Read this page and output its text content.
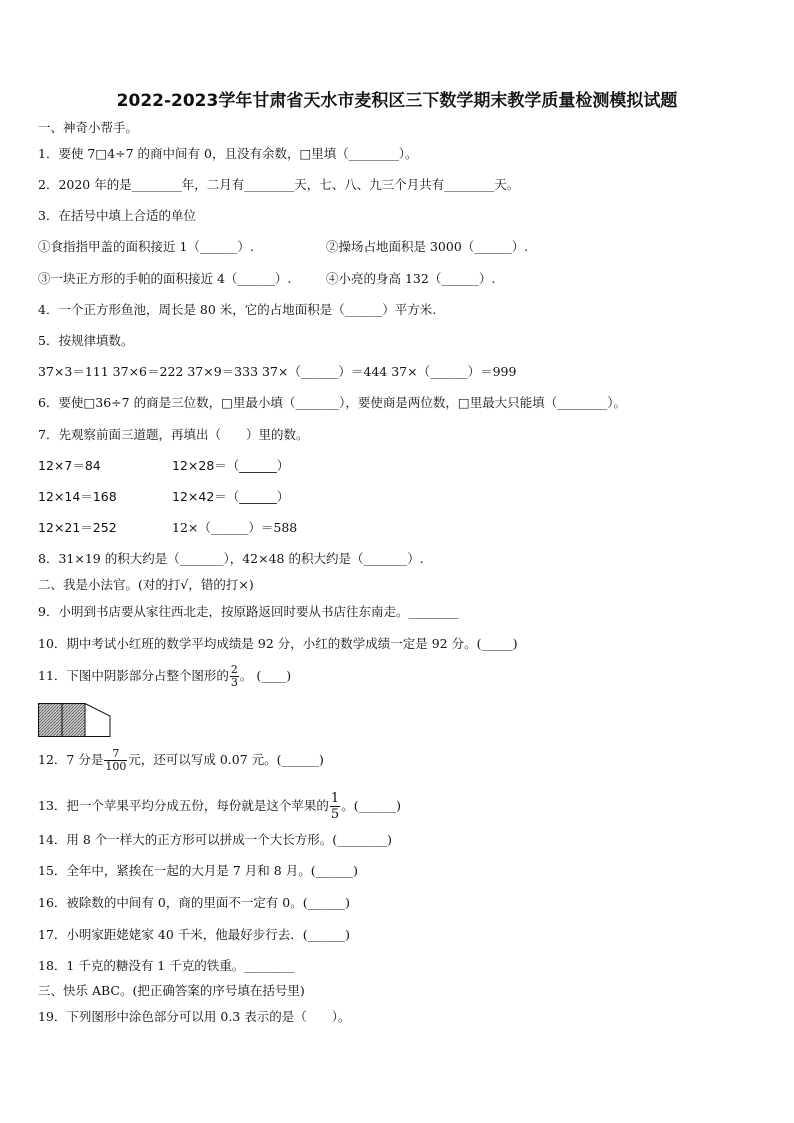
2022-2023学年甘肃省天水市麦积区三下数学期末教学质量检测模拟试题
一、神奇小帮手。
1．要使 7□4÷7 的商中间有 0，且没有余数，□里填（________）。
2．2020 年的是________年，二月有________天，七、八、九三个月共有________天。
3．在括号中填上合适的单位
①食指指甲盖的面积接近 1（______）.	②操场占地面积是 3000（______）.
③一块正方形的手帕的面积接近 4（______）.	④小亮的身高 132（______）.
4．一个正方形鱼池，周长是 80 米，它的占地面积是（______）平方米.
5．按规律填数。
37×3＝111 37×6＝222 37×9＝333 37×（______）＝444 37×（______）＝999
6．要使□36÷7 的商是三位数，□里最小填（_______），要使商是两位数，□里最大只能填（________）。
7．先观察前面三道题，再填出（　　）里的数。
12×7＝84
12×14＝168
12×21＝252
12×28＝（______）
12×42＝（______）
12×（______）＝588
8．31×19 的积大约是（_______），42×48 的积大约是（_______）.
二、我是小法官。(对的打√，错的打×)
9．小明到书店要从家往西北走，按原路返回时要从书店往东南走。________
10．期中考试小红班的数学平均成绩是 92 分，小红的数学成绩一定是 92 分。(_____)
11．下图中阴影部分占整个图形的 $\frac{2}{3}$ 。 (____)
12．7 分是 $\frac{7}{100}$ 元，还可以写成 0.07 元。(______)
13．把一个苹果平均分成五份，每份就是这个苹果的 $\frac{1}{5}$ 。(______)
14．用 8 个一样大的正方形可以拼成一个大长方形。(________)
15．全年中，紧挨在一起的大月是 7 月和 8 月。(______)
16．被除数的中间有 0，商的里面不一定有 0。(______)
17．小明家距姥姥家 40 千米，他最好步行去．(______)
18．1 千克的糖没有 1 千克的铁重。________
三、快乐 ABC。(把正确答案的序号填在括号里)
19．下列图形中涂色部分可以用 0.3 表示的是（　　）。
